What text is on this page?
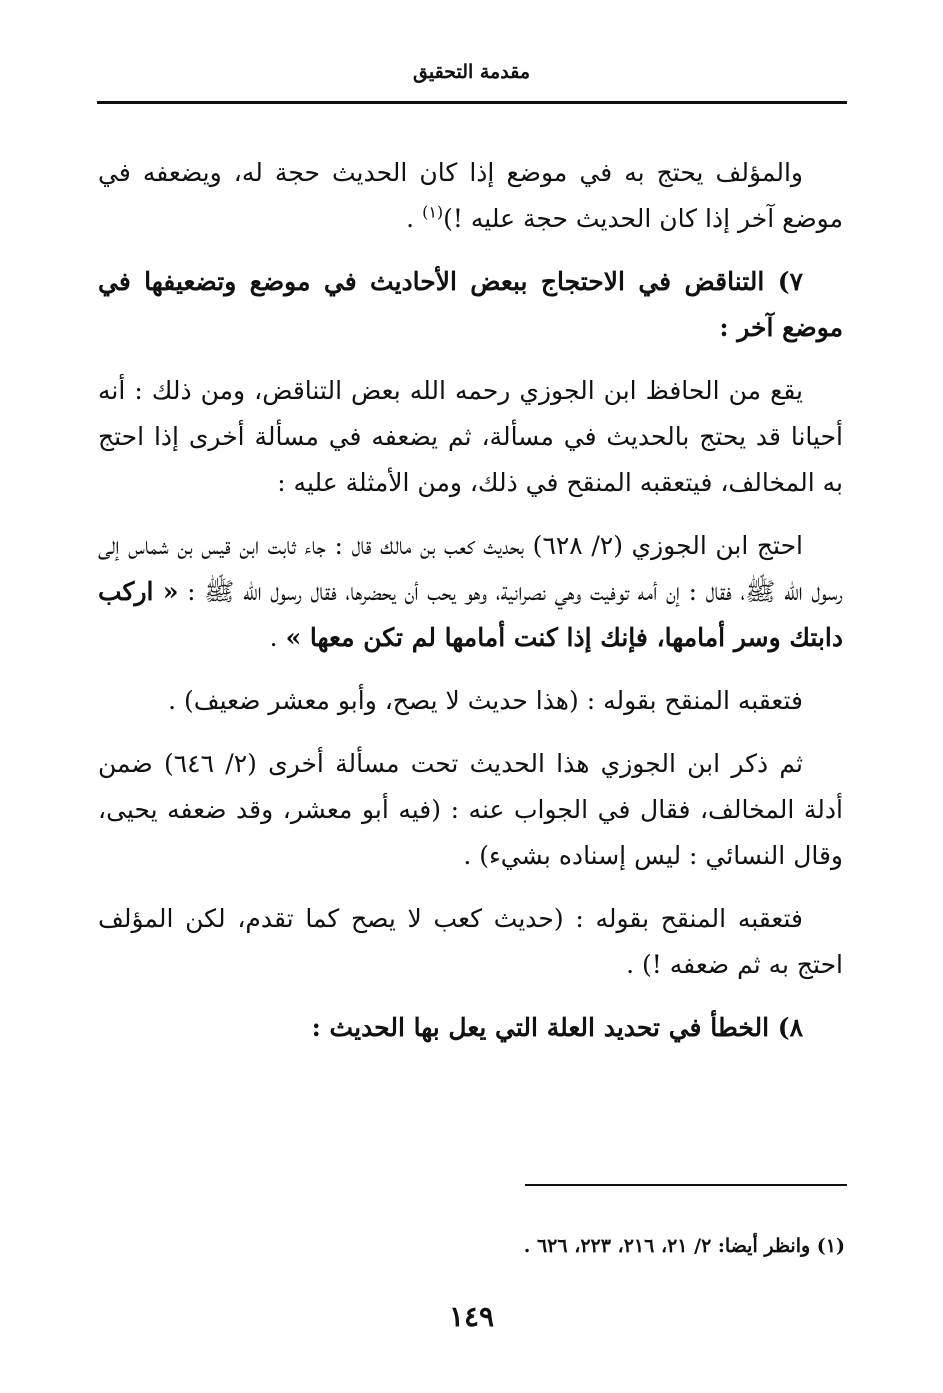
مقدمة التحقيق

والمؤلف يحتج به في موضع إذا كان الحديث حجة له، ويضعفه في موضع آخر إذا كان الحديث حجة عليه !)$^{(١)}$ .

٧) التناقض في الاحتجاج ببعض الأحاديث في موضع وتضعيفها في موضع آخر :

يقع من الحافظ ابن الجوزي رحمه الله بعض التناقض، ومن ذلك : أنه أحيانا قد يحتج بالحديث في مسألة، ثم يضعفه في مسألة أخرى إذا احتج به المخالف، فيتعقبه المنقح في ذلك، ومن الأمثلة عليه :

احتج ابن الجوزي (٢/ ٦٢٨) بحديث كعب بن مالك قال : جاء ثابت ابن قيس بن شماس إلى رسول الله ﷺ، فقال : إن أمه توفيت وهي نصرانية، وهو يحب أن يحضرها، فقال رسول الله ﷺ : « اركب دابتك وسر أمامها، فإنك إذا كنت أمامها لم تكن معها » .

فتعقبه المنقح بقوله : (هذا حديث لا يصح، وأبو معشر ضعيف) .

ثم ذكر ابن الجوزي هذا الحديث تحت مسألة أخرى (٢/ ٦٤٦) ضمن أدلة المخالف، فقال في الجواب عنه : (فيه أبو معشر، وقد ضعفه يحيى، وقال النسائي : ليس إسناده بشيء) .

فتعقبه المنقح بقوله : (حديث كعب لا يصح كما تقدم، لكن المؤلف احتج به ثم ضعفه !) .

٨) الخطأ في تحديد العلة التي يعل بها الحديث :

(١) وانظر أيضا: ٢/ ٢١، ٢١٦، ٢٢٣، ٦٢٦ .
١٤٩
